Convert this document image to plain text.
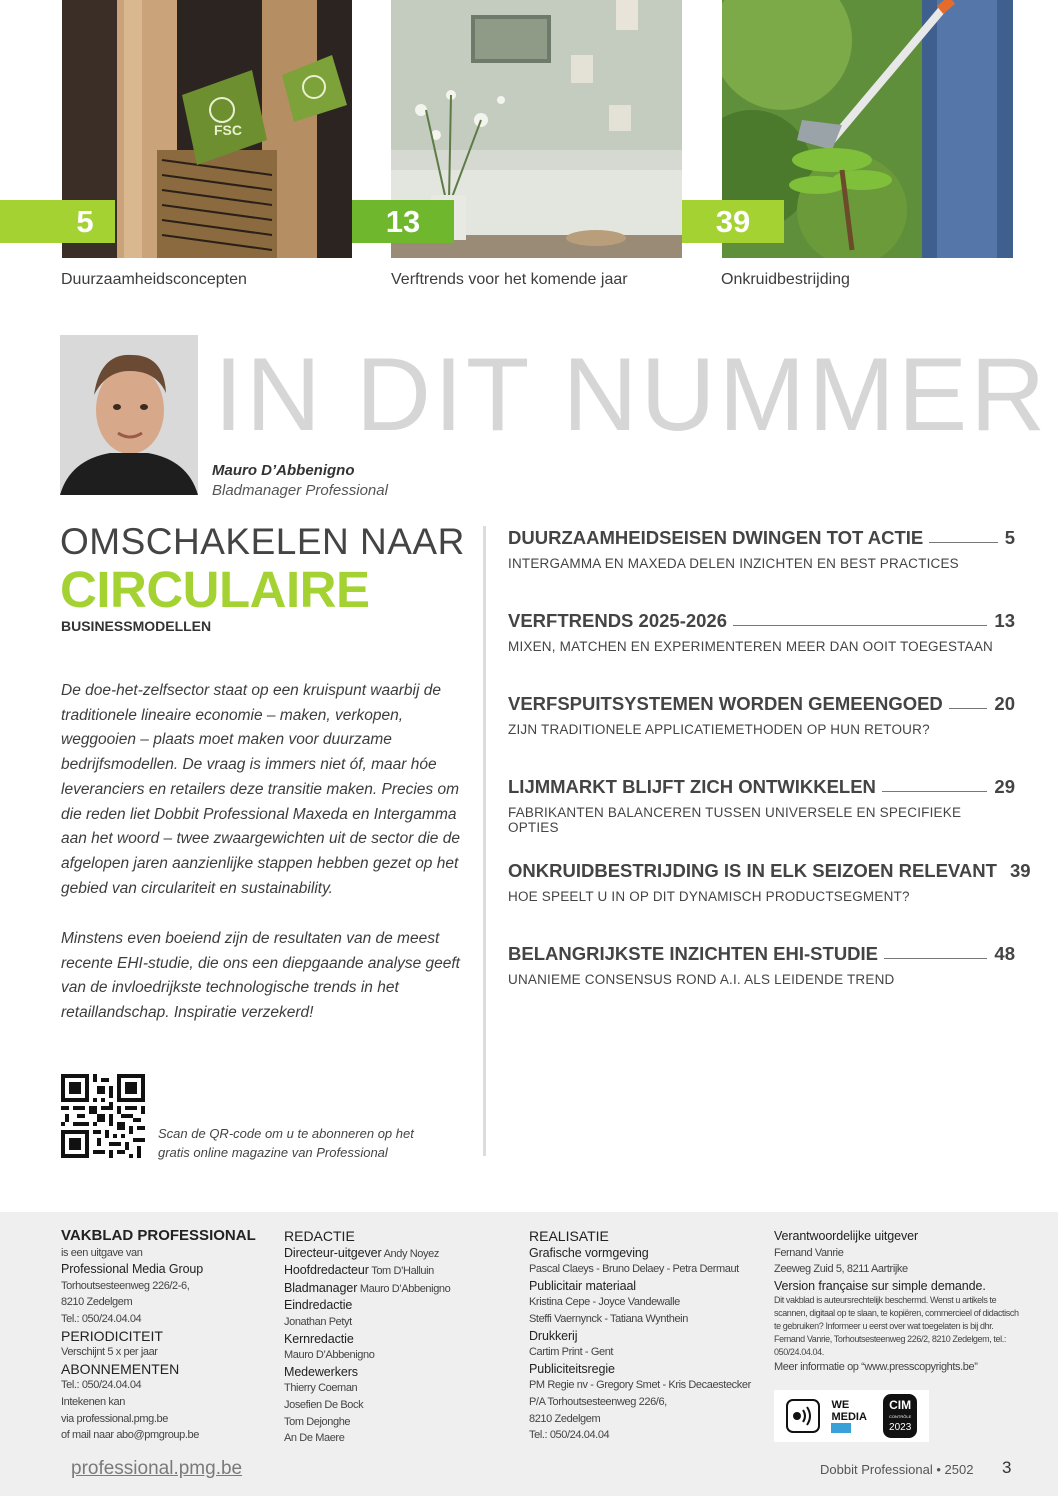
FSC
5	13	39
Duurzaamheidsconcepten	Verftrends voor het komende jaar	Onkruidbestrijding
IN DIT NUMMER
Mauro D’Abbenigno
Bladmanager Professional
OMSCHAKELEN NAAR
CIRCULAIRE
BUSINESSMODELLEN

De doe-het-zelfsector staat op een kruispunt waarbij de traditionele lineaire economie – maken, verkopen, weggooien – plaats moet maken voor duurzame bedrijfsmodellen. De vraag is immers niet óf, maar hóe leveranciers en retailers deze transitie maken. Precies om die reden liet Dobbit Professional Maxeda en Intergamma aan het woord – twee zwaargewichten uit de sector die de afgelopen jaren aanzienlijke stappen hebben gezet op het gebied van circulariteit en sustainability.

Minstens even boeiend zijn de resultaten van de meest recente EHI-studie, die ons een diepgaande analyse geeft van de invloedrijkste technologische trends in het retaillandschap. Inspiratie verzekerd!

DUURZAAMHEIDSEISEN DWINGEN TOT ACTIE	5
INTERGAMMA EN MAXEDA DELEN INZICHTEN EN BEST PRACTICES
VERFTRENDS 2025-2026	13
MIXEN, MATCHEN EN EXPERIMENTEREN MEER DAN OOIT TOEGESTAAN
VERFSPUITSYSTEMEN WORDEN GEMEENGOED	20
ZIJN TRADITIONELE APPLICATIEMETHODEN OP HUN RETOUR?
LIJMMARKT BLIJFT ZICH ONTWIKKELEN	29
FABRIKANTEN BALANCEREN TUSSEN UNIVERSELE EN SPECIFIEKE OPTIES
ONKRUIDBESTRIJDING IS IN ELK SEIZOEN RELEVANT 39
HOE SPEELT U IN OP DIT DYNAMISCH PRODUCTSEGMENT?
BELANGRIJKSTE INZICHTEN EHI-STUDIE	48
UNANIEME CONSENSUS ROND A.I. ALS LEIDENDE TREND
Scan de QR-code om u te abonneren op het gratis online magazine van Professional
VAKBLAD PROFESSIONAL
is een uitgave van
Professional Media Group
Torhoutsesteenweg 226/2-6,
8210 Zedelgem
Tel.: 050/24.04.04
PERIODICITEIT
Verschijnt 5 x per jaar
ABONNEMENTEN
Tel.: 050/24.04.04
Intekenen kan
via professional.pmg.be
of mail naar abo@pmgroup.be
REDACTIE
Directeur-uitgever Andy Noyez
Hoofdredacteur Tom D’Halluin
Bladmanager Mauro D’Abbenigno
Eindredactie
Jonathan Petyt
Kernredactie
Mauro D’Abbenigno
Medewerkers
Thierry Coeman
Josefien De Bock
Tom Dejonghe
An De Maere
REALISATIE
Grafische vormgeving
Pascal Claeys - Bruno Delaey - Petra Dermaut
Publicitair materiaal
Kristina Cepe - Joyce Vandewalle
Steffi Vaernynck - Tatiana Wynthein
Drukkerij
Cartim Print - Gent
Publiciteitsregie
PM Regie nv - Gregory Smet - Kris Decaestecker
P/A Torhoutsesteenweg 226/6,
8210 Zedelgem
Tel.: 050/24.04.04
Verantwoordelijke uitgever
Fernand Vanrie
Zeeweg Zuid 5, 8211 Aartrijke
Version française sur simple demande.
Dit vakblad is auteursrechtelijk beschermd. Wenst u artikels te scannen, digitaal op te slaan, te kopiëren, commercieel of didactisch te gebruiken? Informeer u eerst over wat toegelaten is bij dhr. Fernand Vanrie, Torhoutsesteenweg 226/2, 8210 Zedelgem, tel.: 050/24.04.04.
Meer informatie op “www.presscopyrights.be”
WE
MEDIA
CIM
CONTRÔLE
2023
professional.pmg.be	Dobbit Professional • 2502 3
